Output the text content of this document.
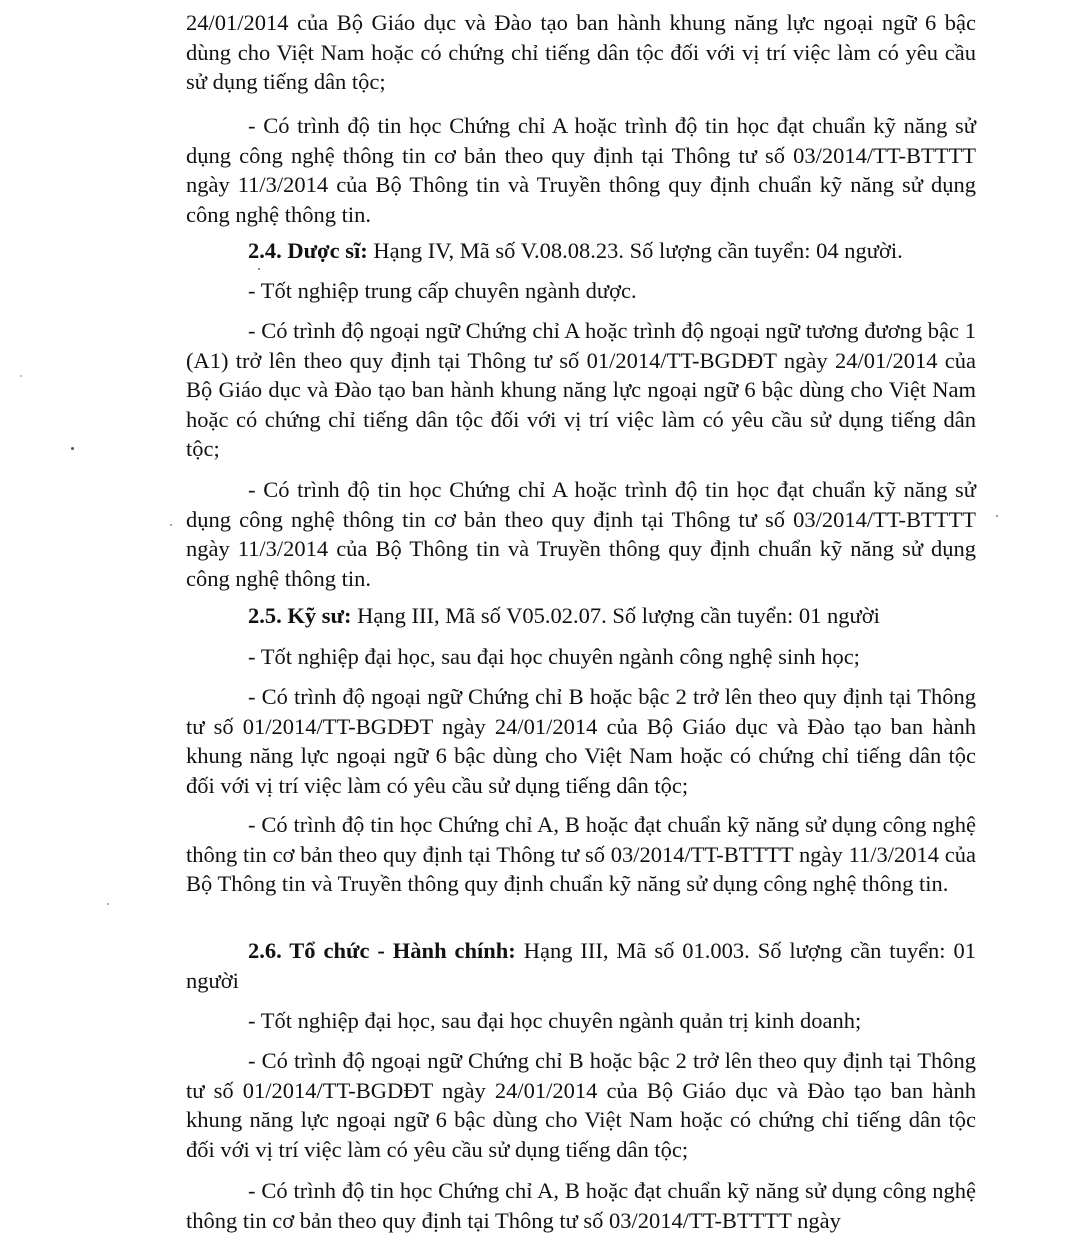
24/01/2014 của Bộ Giáo dục và Đào tạo ban hành khung năng lực ngoại ngữ 6 bậc dùng cho Việt Nam hoặc có chứng chỉ tiếng dân tộc đối với vị trí việc làm có yêu cầu sử dụng tiếng dân tộc;

- Có trình độ tin học Chứng chỉ A hoặc trình độ tin học đạt chuẩn kỹ năng sử dụng công nghệ thông tin cơ bản theo quy định tại Thông tư số 03/2014/TT-BTTTT ngày 11/3/2014 của Bộ Thông tin và Truyền thông quy định chuẩn kỹ năng sử dụng công nghệ thông tin.

2.4. Dược sĩ: Hạng IV, Mã số V.08.08.23. Số lượng cần tuyển: 04 người.

- Tốt nghiệp trung cấp chuyên ngành dược.

- Có trình độ ngoại ngữ Chứng chỉ A hoặc trình độ ngoại ngữ tương đương bậc 1 (A1) trở lên theo quy định tại Thông tư số 01/2014/TT-BGDĐT ngày 24/01/2014 của Bộ Giáo dục và Đào tạo ban hành khung năng lực ngoại ngữ 6 bậc dùng cho Việt Nam hoặc có chứng chỉ tiếng dân tộc đối với vị trí việc làm có yêu cầu sử dụng tiếng dân tộc;

- Có trình độ tin học Chứng chỉ A hoặc trình độ tin học đạt chuẩn kỹ năng sử dụng công nghệ thông tin cơ bản theo quy định tại Thông tư số 03/2014/TT-BTTTT ngày 11/3/2014 của Bộ Thông tin và Truyền thông quy định chuẩn kỹ năng sử dụng công nghệ thông tin.

2.5. Kỹ sư: Hạng III, Mã số V05.02.07. Số lượng cần tuyển: 01 người

- Tốt nghiệp đại học, sau đại học chuyên ngành công nghệ sinh học;

- Có trình độ ngoại ngữ Chứng chỉ B hoặc bậc 2 trở lên theo quy định tại Thông tư số 01/2014/TT-BGDĐT ngày 24/01/2014 của Bộ Giáo dục và Đào tạo ban hành khung năng lực ngoại ngữ 6 bậc dùng cho Việt Nam hoặc có chứng chỉ tiếng dân tộc đối với vị trí việc làm có yêu cầu sử dụng tiếng dân tộc;

- Có trình độ tin học Chứng chỉ A, B hoặc đạt chuẩn kỹ năng sử dụng công nghệ thông tin cơ bản theo quy định tại Thông tư số 03/2014/TT-BTTTT ngày 11/3/2014 của Bộ Thông tin và Truyền thông quy định chuẩn kỹ năng sử dụng công nghệ thông tin.

2.6. Tổ chức - Hành chính: Hạng III, Mã số 01.003. Số lượng cần tuyển: 01 người

- Tốt nghiệp đại học, sau đại học chuyên ngành quản trị kinh doanh;

- Có trình độ ngoại ngữ Chứng chỉ B hoặc bậc 2 trở lên theo quy định tại Thông tư số 01/2014/TT-BGDĐT ngày 24/01/2014 của Bộ Giáo dục và Đào tạo ban hành khung năng lực ngoại ngữ 6 bậc dùng cho Việt Nam hoặc có chứng chỉ tiếng dân tộc đối với vị trí việc làm có yêu cầu sử dụng tiếng dân tộc;

- Có trình độ tin học Chứng chỉ A, B hoặc đạt chuẩn kỹ năng sử dụng công nghệ thông tin cơ bản theo quy định tại Thông tư số 03/2014/TT-BTTTT ngày
